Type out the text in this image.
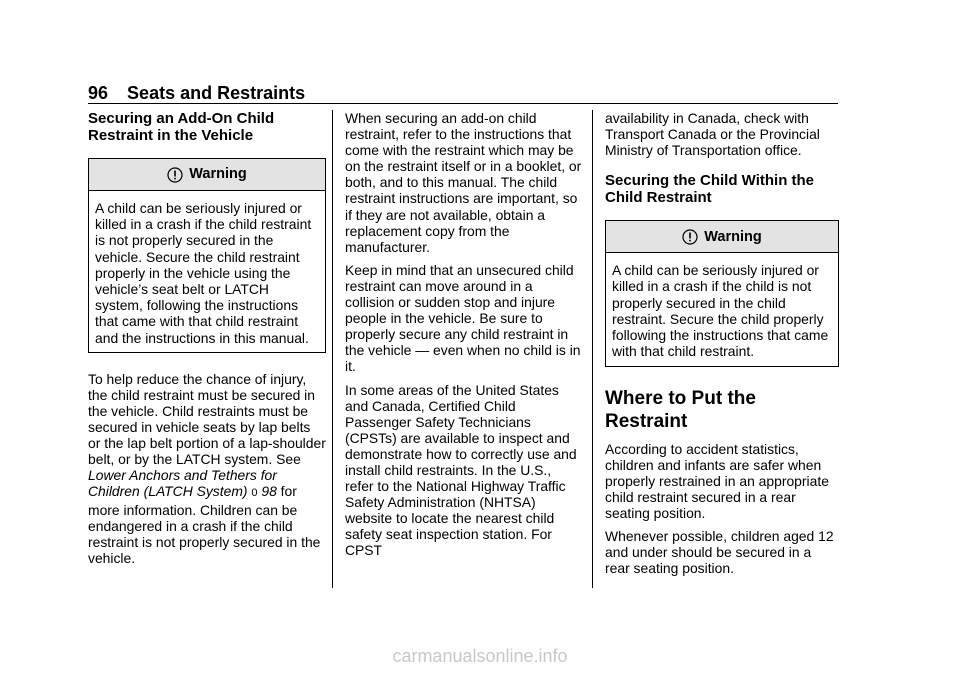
96 Seats and Restraints
Securing an Add-On Child Restraint in the Vehicle
Warning

A child can be seriously injured or killed in a crash if the child restraint is not properly secured in the vehicle. Secure the child restraint properly in the vehicle using the vehicle’s seat belt or LATCH system, following the instructions that came with that child restraint and the instructions in this manual.

To help reduce the chance of injury, the child restraint must be secured in the vehicle. Child restraints must be secured in vehicle seats by lap belts or the lap belt portion of a lap-shoulder belt, or by the LATCH system. See Lower Anchors and Tethers for Children (LATCH System) 0 98 for more information. Children can be endangered in a crash if the child restraint is not properly secured in the vehicle.

When securing an add-on child restraint, refer to the instructions that come with the restraint which may be on the restraint itself or in a booklet, or both, and to this manual. The child restraint instructions are important, so if they are not available, obtain a replacement copy from the manufacturer.

Keep in mind that an unsecured child restraint can move around in a collision or sudden stop and injure people in the vehicle. Be sure to properly secure any child restraint in the vehicle — even when no child is in it.

In some areas of the United States and Canada, Certified Child Passenger Safety Technicians (CPSTs) are available to inspect and demonstrate how to correctly use and install child restraints. In the U.S., refer to the National Highway Traffic Safety Administration (NHTSA) website to locate the nearest child safety seat inspection station. For CPST

availability in Canada, check with Transport Canada or the Provincial Ministry of Transportation office.

Securing the Child Within the Child Restraint
Warning

A child can be seriously injured or killed in a crash if the child is not properly secured in the child restraint. Secure the child properly following the instructions that came with that child restraint.

Where to Put the Restraint

According to accident statistics, children and infants are safer when properly restrained in an appropriate child restraint secured in a rear seating position.

Whenever possible, children aged 12 and under should be secured in a rear seating position.

carmanualsonline.info
